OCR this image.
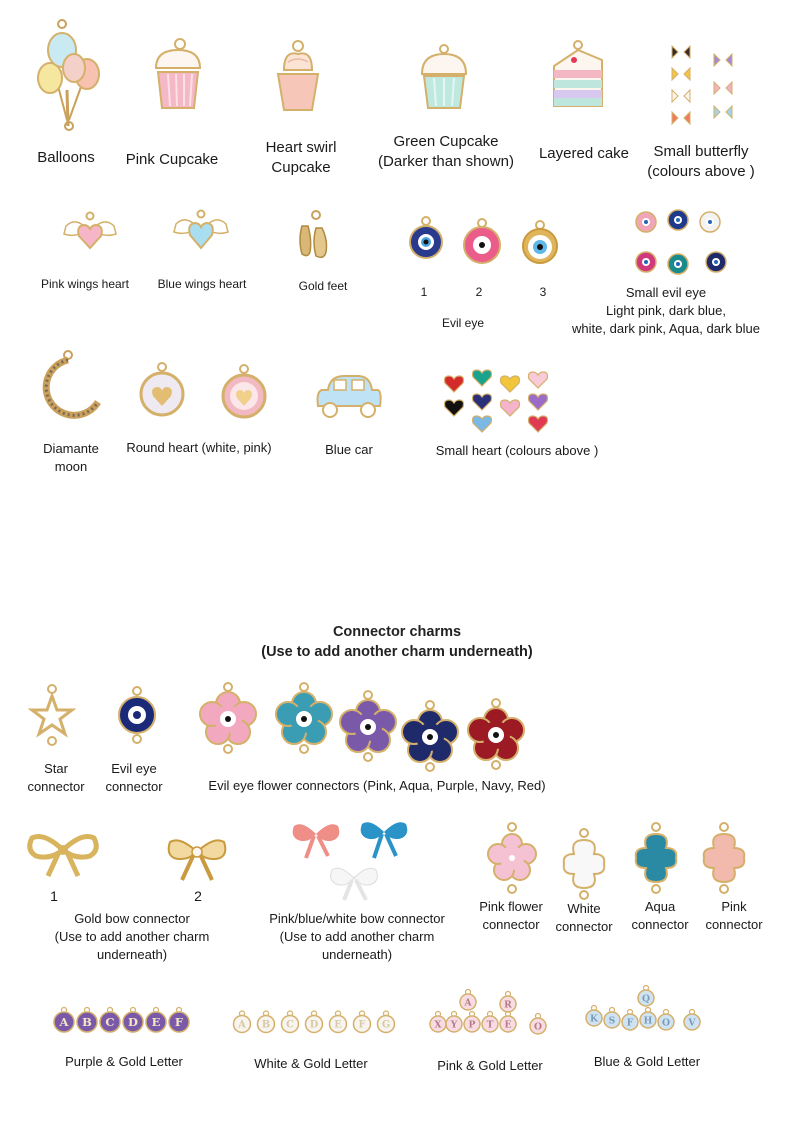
Balloons	Pink Cupcake
Heart swirl
Cupcake
Green Cupcake
(Darker than shown)	Layered cake	Small butterfly
(colours above )
Pink wings heart	Blue wings heart	Gold feet	1	2	3
Evil eye
Small evil eye
Light pink, dark blue,
white, dark pink, Aqua, dark blue
Diamante
moon
Round heart (white, pink)	Blue car	Small heart (colours above )
Connector charms
(Use to add another charm underneath)
Star
connector
Evil eye
connector	Evil eye flower connectors (Pink, Aqua, Purple, Navy, Red)
1	2
Gold bow connector
(Use to add another charm
underneath)
Pink/blue/white bow connector
(Use to add another charm
underneath)
Pink flower
connector
White
connector
Aqua
connector
Pink
connector
A B C D E F
Purple & Gold Letter
A B C D E F G
White & Gold Letter
A	R
X Y P T E O
Pink & Gold Letter
Q
K S F H O V
Blue & Gold Letter
